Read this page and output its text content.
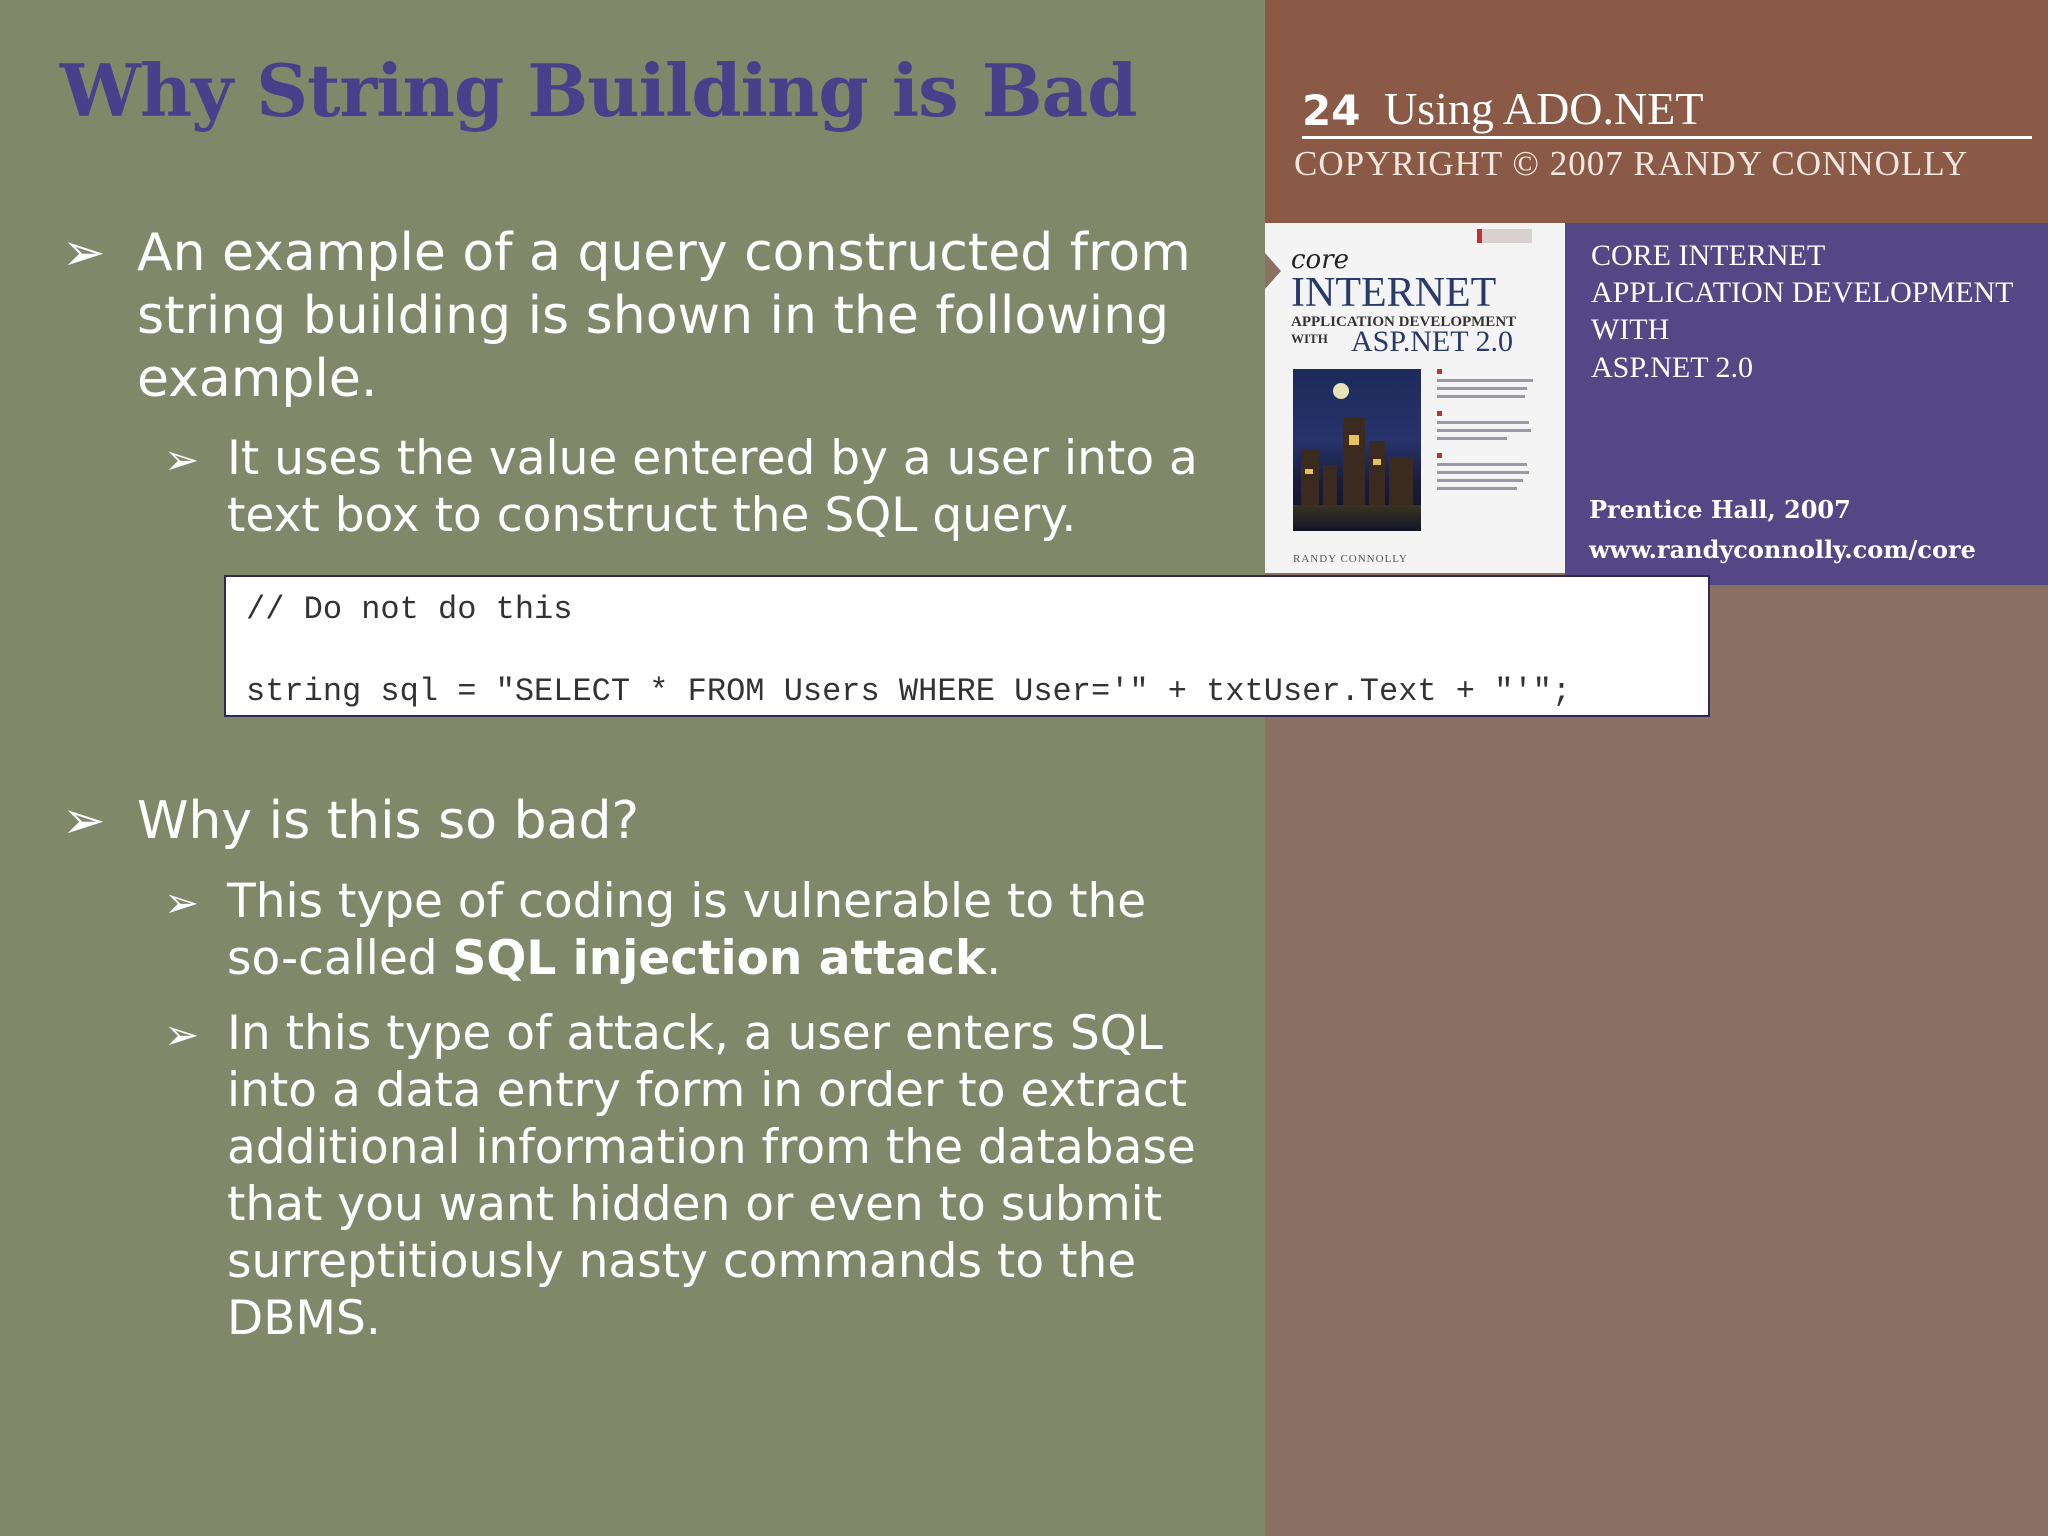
Why String Building is Bad	24 Using ADO.NET
COPYRIGHT © 2007 RANDY CONNOLLY
core
INTERNET
APPLICATION DEVELOPMENT
WITH ASP.NET 2.0
RANDY CONNOLLY
CORE INTERNET
APPLICATION DEVELOPMENT
WITH
ASP.NET 2.0
Prentice Hall, 2007
www.randyconnolly.com/core
➢ An example of a query constructed from string building is shown in the following example.

➢ It uses the value entered by a user into a text box to construct the SQL query.

// Do not do this
string sql = "SELECT * FROM Users WHERE User='" + txtUser.Text + "'";
➢ Why is this so bad?

➢ This type of coding is vulnerable to the so-called SQL injection attack.

➢ In this type of attack, a user enters SQL into a data entry form in order to extract additional information from the database that you want hidden or even to submit surreptitiously nasty commands to the DBMS.
